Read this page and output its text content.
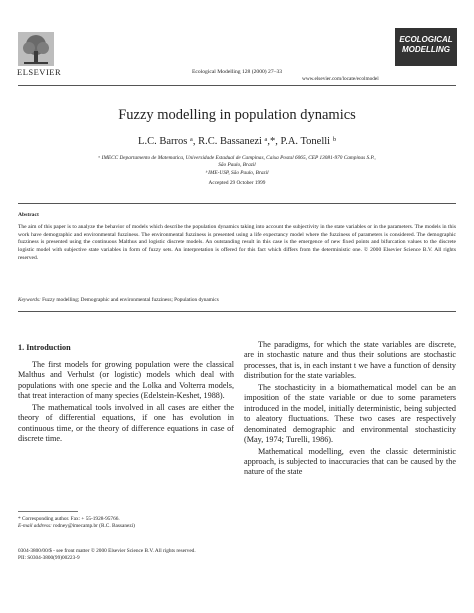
ELSEVIER	Ecological Modelling 128 (2000) 27–33
ECOLOGICAL
MODELLING
www.elsevier.com/locate/ecolmodel
Fuzzy modelling in population dynamics
L.C. Barros ᵃ, R.C. Bassanezi ᵃ,*, P.A. Tonelli ᵇ
ᵃ IMECC Departamento de Matematica, Universidade Estadual de Campinas, Caixa Postal 6065, CEP 13081-970 Campinas S.P.,
São Paulo, Brazil
ᵇ IME-USP, São Paulo, Brazil
Accepted 29 October 1999
Abstract
The aim of this paper is to analyze the behavior of models which describe the population dynamics taking into account the subjectivity in the state variables or in the parameters. The models in this work have demographic and environmental fuzziness. The environmental fuzziness is presented using a life expectancy model where the fuzziness of parameters is considered. The demographic fuzziness is presented using the continuous Malthus and logistic discrete models. An outstanding result in this case is the emergence of new fixed points and bifurcation values to the discrete logistic model with subjective state variables in form of fuzzy sets. An interpretation is offered for this fact which differs from the deterministic one. © 2000 Elsevier Science B.V. All rights reserved.
Keywords: Fuzzy modelling; Demographic and environmental fuzziness; Population dynamics
1. Introduction

The first models for growing population were the classical Malthus and Verhulst (or logistic) models which deal with populations with one specie and the Lolka and Volterra models, that treat interaction of many species (Edelstein-Keshet, 1988).

The mathematical tools involved in all cases are either the theory of differential equations, if one has evolution in continuous time, or the theory of difference equations in case of discrete time.

The paradigms, for which the state variables are discrete, are in stochastic nature and thus their solutions are stochastic processes, that is, in each instant t we have a function of density distribution for the state variables.

The stochasticity in a biomathematical model can be an imposition of the state variable or due to some parameters introduced in the model, initially deterministic, being subjected to aleatory fluctuations. These two cases are respectively denominated demographic and environmental stochasticity (May, 1974; Turelli, 1986).

Mathematical modelling, even the classic deterministic approach, is subjected to inaccuracies that can be caused by the nature of the state

* Corresponding author. Fax: + 55-1928-95766.
E-mail address: rodney@imecamp.br (R.C. Bassanezi)
0304-3800/00/$ - see front matter © 2000 Elsevier Science B.V. All rights reserved.
PII: S0304-3800(99)00223-9
